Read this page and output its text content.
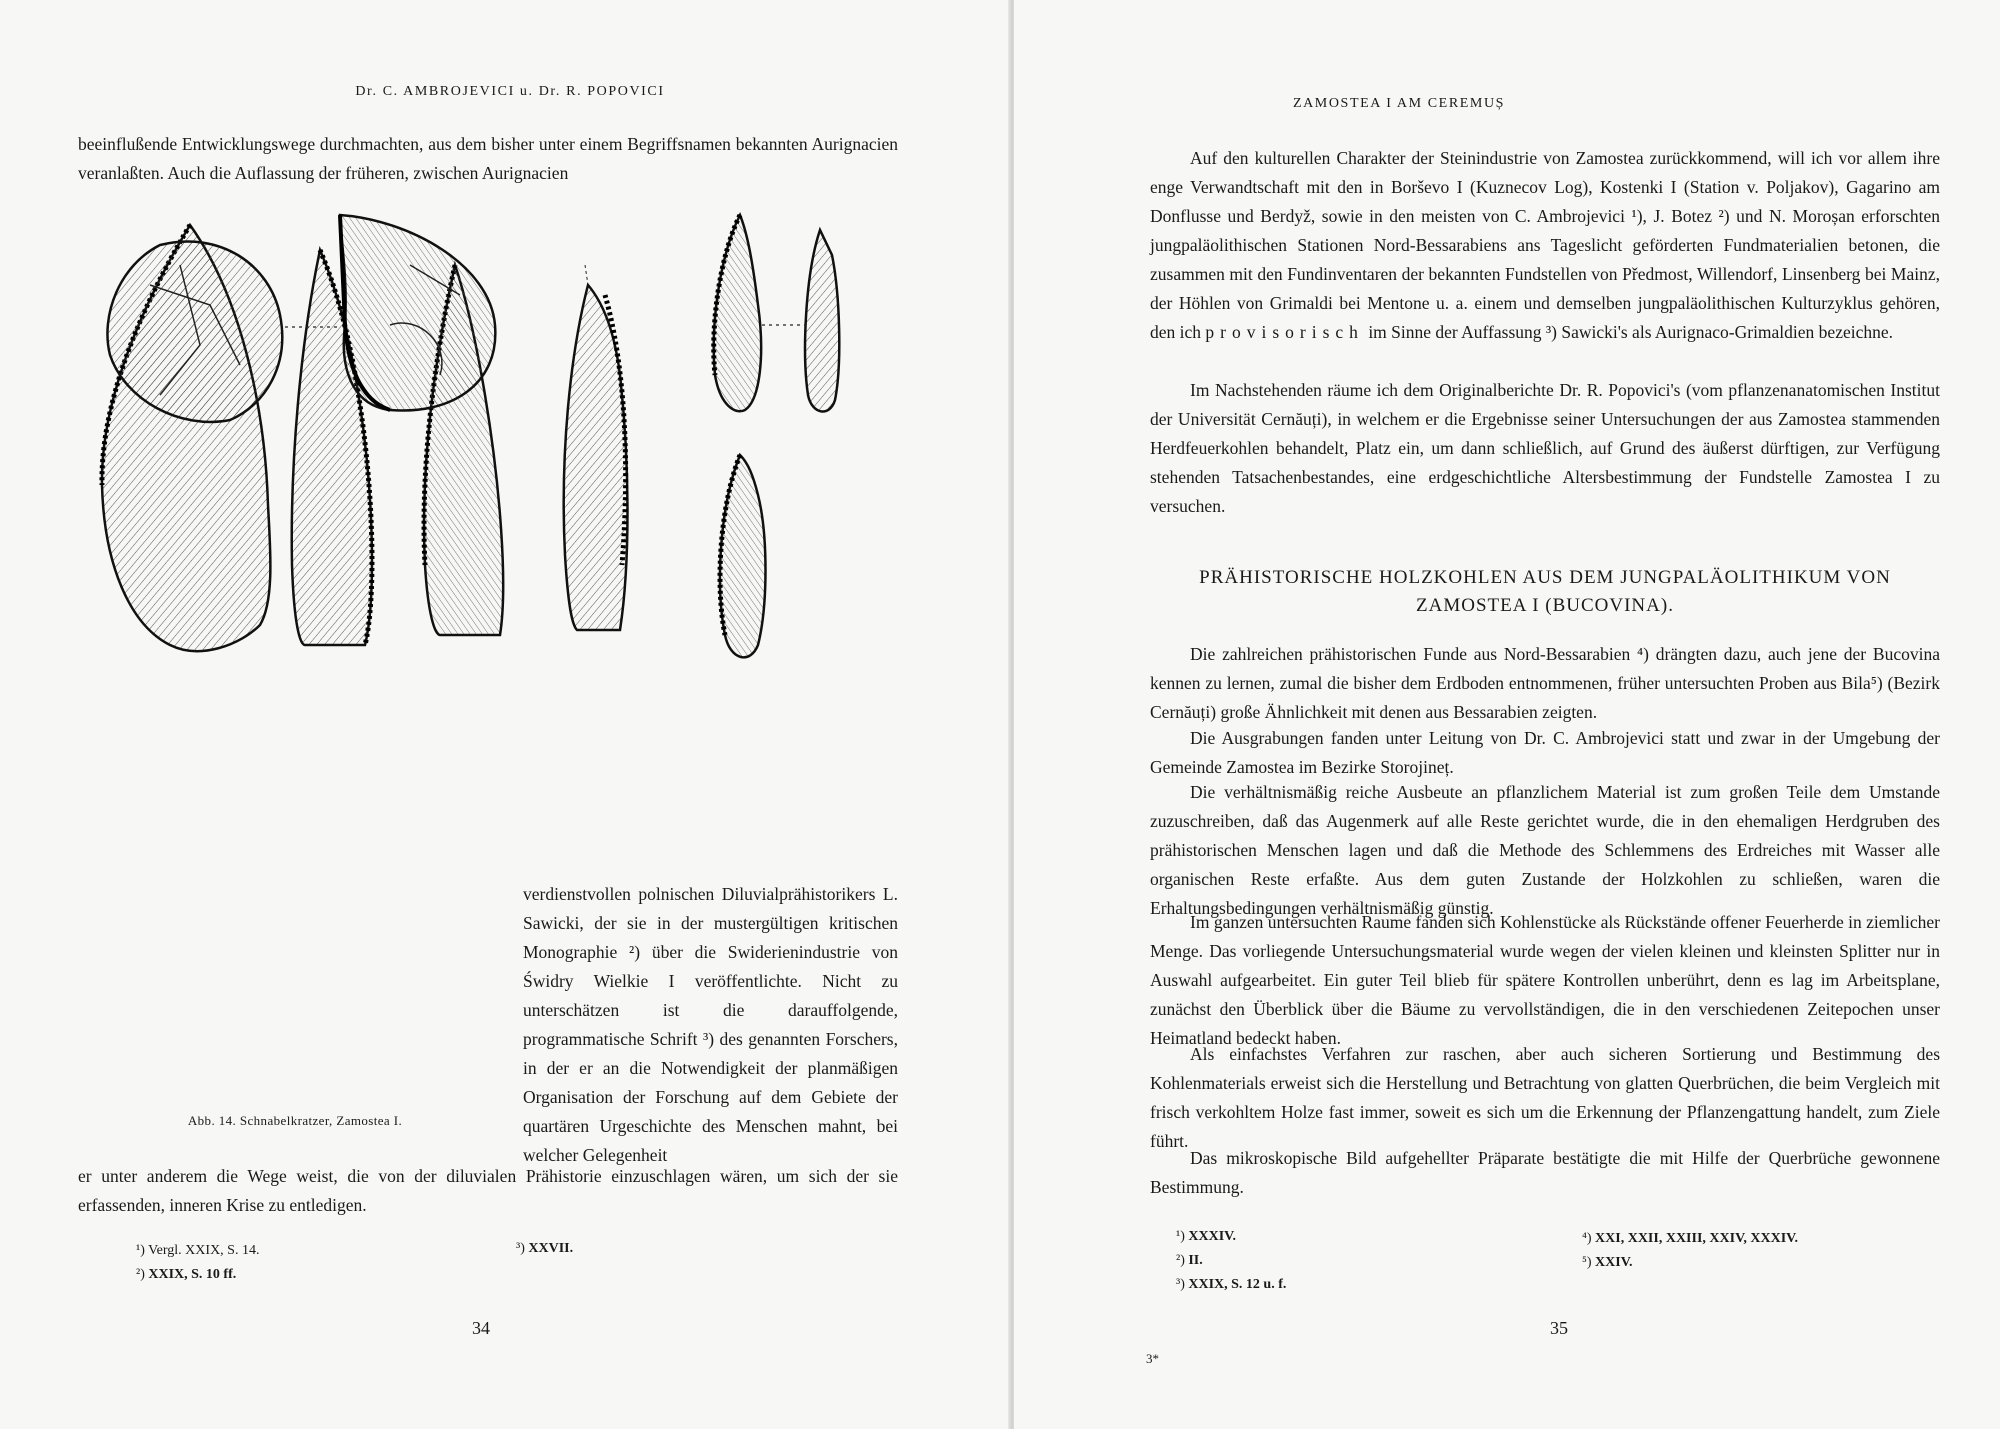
Dr. C. AMBROJEVICI u. Dr. R. POPOVICI
beeinflußende Entwicklungswege durchmachten, aus dem bisher unter einem Begriffsnamen bekannten Aurignacien veranlaßten. Auch die Auflassung der früheren, zwischen Aurignacien
Abb. 14. Schnabelkratzer, Zamostea I.
verdienstvollen polnischen Diluvialprähistorikers L. Sawicki, der sie in der mustergültigen kritischen Monographie ²) über die Swiderienindustrie von Świdry Wielkie I veröffentlichte. Nicht zu unterschätzen ist die darauffolgende, programmatische Schrift ³) des genannten Forschers, in der er an die Notwendigkeit der planmäßigen Organisation der Forschung auf dem Gebiete der quartären Urgeschichte des Menschen mahnt, bei welcher Gelegenheit
er unter anderem die Wege weist, die von der diluvialen Prähistorie einzuschlagen wären, um sich der sie erfassenden, inneren Krise zu entledigen.
¹) Vergl. XXIX, S. 14.
²) XXIX, S. 10 ff.
³) XXVII.
34
ZAMOSTEA I AM CEREMUȘ
Auf den kulturellen Charakter der Steinindustrie von Zamostea zurückkommend, will ich vor allem ihre enge Verwandtschaft mit den in Borševo I (Kuznecov Log), Kostenki I (Station v. Poljakov), Gagarino am Donflusse und Berdyž, sowie in den meisten von C. Ambrojevici ¹), J. Botez ²) und N. Moroșan erforschten jungpaläolithischen Stationen Nord-Bessarabiens ans Tageslicht geförderten Fundmaterialien betonen, die zusammen mit den Fundinventaren der bekannten Fundstellen von Předmost, Willendorf, Linsenberg bei Mainz, der Höhlen von Grimaldi bei Mentone u. a. einem und demselben jungpaläolithischen Kulturzyklus gehören, den ich provisorisch im Sinne der Auffassung ³) Sawicki's als Aurignaco-Grimaldien bezeichne.
Im Nachstehenden räume ich dem Originalberichte Dr. R. Popovici's (vom pflanzenanatomischen Institut der Universität Cernăuți), in welchem er die Ergebnisse seiner Untersuchungen der aus Zamostea stammenden Herdfeuerkohlen behandelt, Platz ein, um dann schließlich, auf Grund des äußerst dürftigen, zur Verfügung stehenden Tatsachenbestandes, eine erdgeschichtliche Altersbestimmung der Fundstelle Zamostea I zu versuchen.
PRÄHISTORISCHE HOLZKOHLEN AUS DEM JUNGPALÄOLITHIKUM VON
ZAMOSTEA I (BUCOVINA).
Die zahlreichen prähistorischen Funde aus Nord-Bessarabien ⁴) drängten dazu, auch jene der Bucovina kennen zu lernen, zumal die bisher dem Erdboden entnommenen, früher untersuchten Proben aus Bila⁵) (Bezirk Cernăuți) große Ähnlichkeit mit denen aus Bessarabien zeigten.
Die Ausgrabungen fanden unter Leitung von Dr. C. Ambrojevici statt und zwar in der Umgebung der Gemeinde Zamostea im Bezirke Storojineț.
Die verhältnismäßig reiche Ausbeute an pflanzlichem Material ist zum großen Teile dem Umstande zuzuschreiben, daß das Augenmerk auf alle Reste gerichtet wurde, die in den ehemaligen Herdgruben des prähistorischen Menschen lagen und daß die Methode des Schlemmens des Erdreiches mit Wasser alle organischen Reste erfaßte. Aus dem guten Zustande der Holzkohlen zu schließen, waren die Erhaltungsbedingungen verhältnismäßig günstig.
Im ganzen untersuchten Raume fanden sich Kohlenstücke als Rückstände offener Feuerherde in ziemlicher Menge. Das vorliegende Untersuchungsmaterial wurde wegen der vielen kleinen und kleinsten Splitter nur in Auswahl aufgearbeitet. Ein guter Teil blieb für spätere Kontrollen unberührt, denn es lag im Arbeitsplane, zunächst den Überblick über die Bäume zu vervollständigen, die in den verschiedenen Zeitepochen unser Heimatland bedeckt haben.
Als einfachstes Verfahren zur raschen, aber auch sicheren Sortierung und Bestimmung des Kohlenmaterials erweist sich die Herstellung und Betrachtung von glatten Querbrüchen, die beim Vergleich mit frisch verkohltem Holze fast immer, soweit es sich um die Erkennung der Pflanzengattung handelt, zum Ziele führt.
Das mikroskopische Bild aufgehellter Präparate bestätigte die mit Hilfe der Querbrüche gewonnene Bestimmung.
¹) XXXIV.
²) II.
³) XXIX, S. 12 u. f.
⁴) XXI, XXII, XXIII, XXIV, XXXIV.
⁵) XXIV.
35
3*
